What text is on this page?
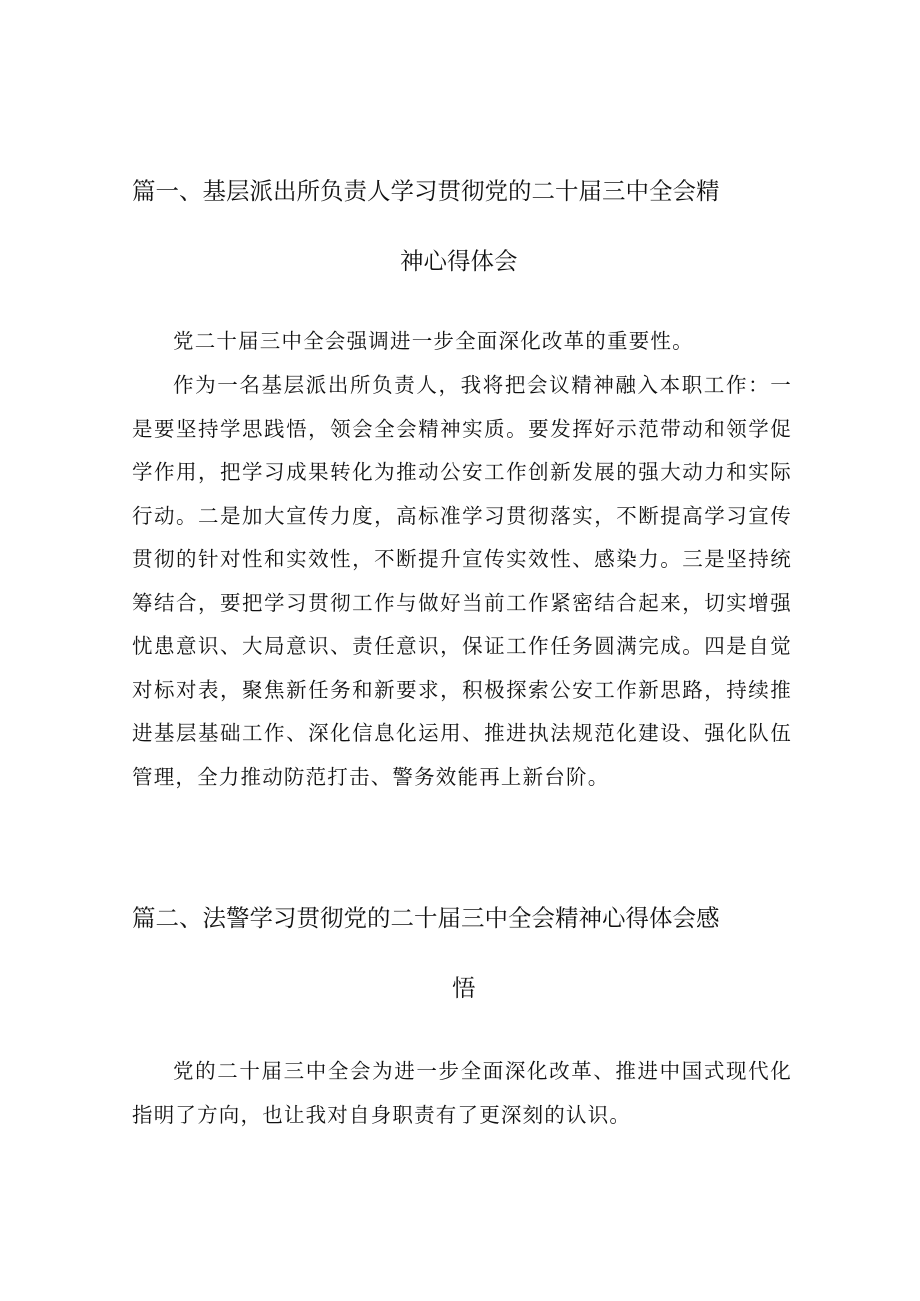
篇一、基层派出所负责人学习贯彻党的二十届三中全会精
神心得体会

党二十届三中全会强调进一步全面深化改革的重要性。

作为一名基层派出所负责人，我将把会议精神融入本职工作：一是要坚持学思践悟，领会全会精神实质。要发挥好示范带动和领学促学作用，把学习成果转化为推动公安工作创新发展的强大动力和实际行动。二是加大宣传力度，高标准学习贯彻落实，不断提高学习宣传贯彻的针对性和实效性，不断提升宣传实效性、感染力。三是坚持统筹结合，要把学习贯彻工作与做好当前工作紧密结合起来，切实增强忧患意识、大局意识、责任意识，保证工作任务圆满完成。四是自觉对标对表，聚焦新任务和新要求，积极探索公安工作新思路，持续推进基层基础工作、深化信息化运用、推进执法规范化建设、强化队伍管理，全力推动防范打击、警务效能再上新台阶。

篇二、法警学习贯彻党的二十届三中全会精神心得体会感
悟

党的二十届三中全会为进一步全面深化改革、推进中国式现代化指明了方向，也让我对自身职责有了更深刻的认识。
